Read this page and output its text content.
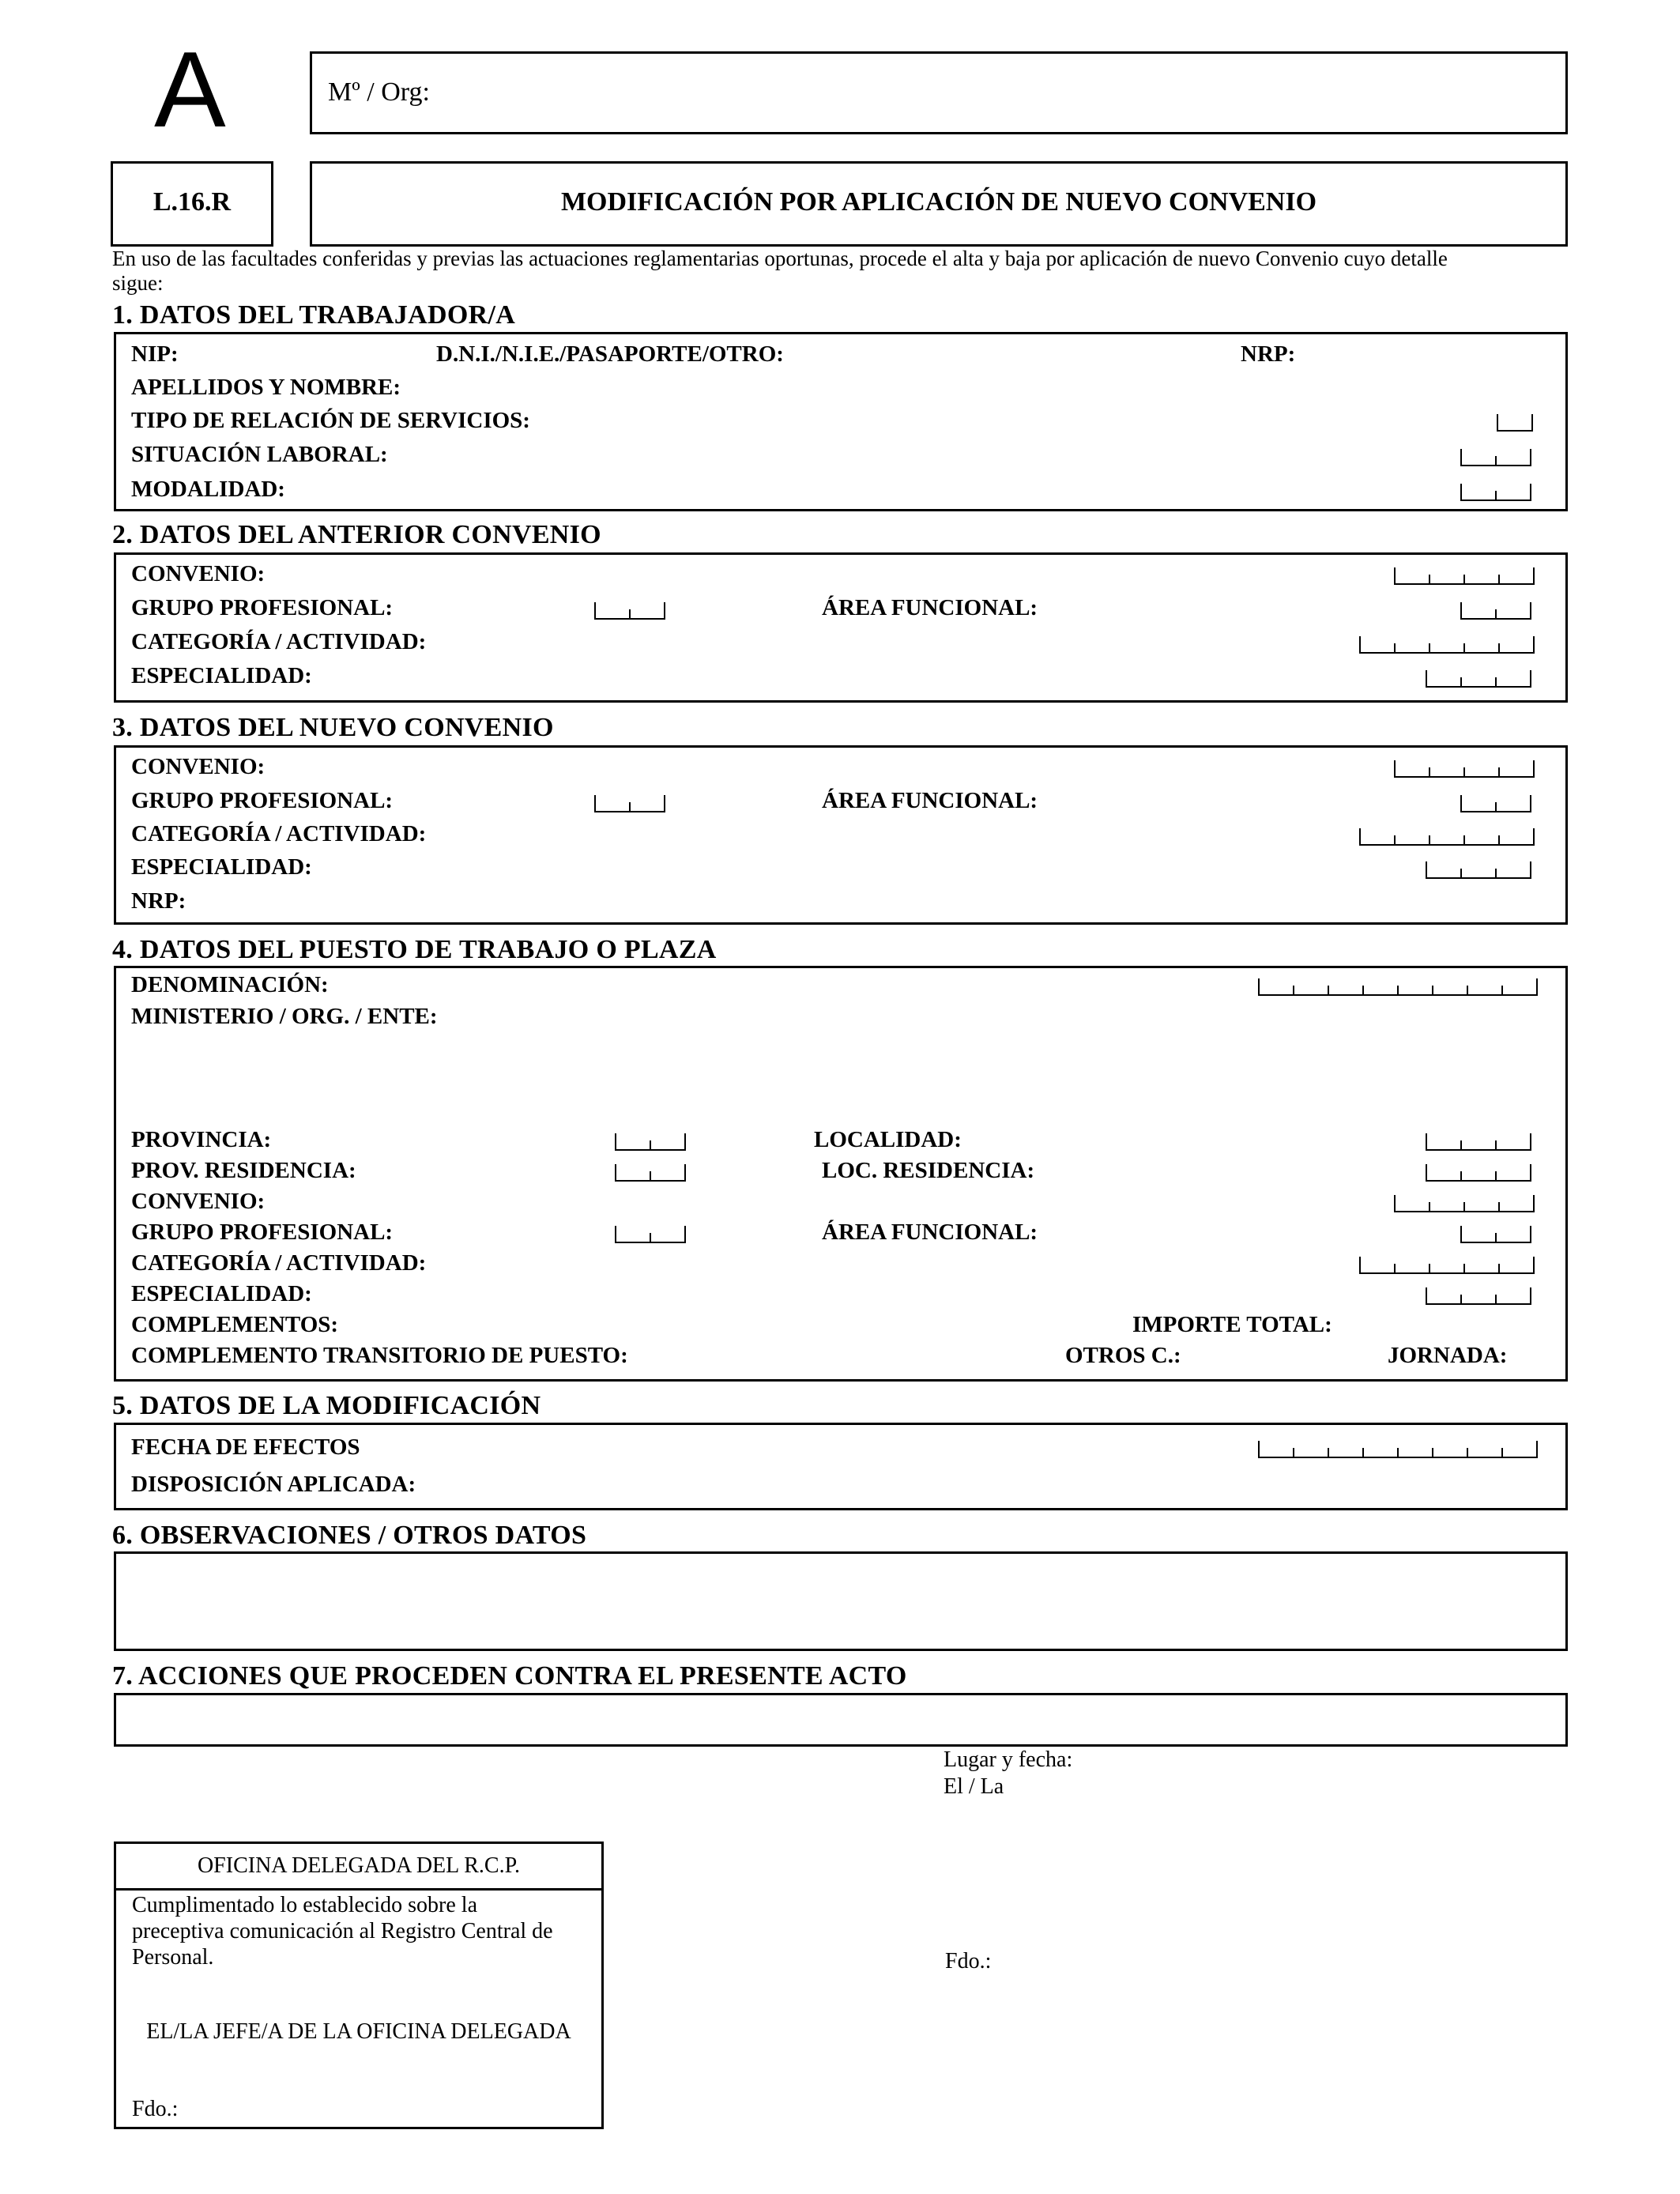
A	Mº / Org:
L.16.R	MODIFICACIÓN POR APLICACIÓN DE NUEVO CONVENIO
En uso de las facultades conferidas y previas las actuaciones reglamentarias oportunas, procede el alta y baja por aplicación de nuevo Convenio cuyo detalle sigue:
1. DATOS DEL TRABAJADOR/A
NIP:	D.N.I./N.I.E./PASAPORTE/OTRO:	NRP:
APELLIDOS Y NOMBRE:
TIPO DE RELACIÓN DE SERVICIOS:
SITUACIÓN LABORAL:
MODALIDAD:
2. DATOS DEL ANTERIOR CONVENIO
CONVENIO:
GRUPO PROFESIONAL:	ÁREA FUNCIONAL:
CATEGORÍA / ACTIVIDAD:
ESPECIALIDAD:
3. DATOS DEL NUEVO CONVENIO
CONVENIO:
GRUPO PROFESIONAL:	ÁREA FUNCIONAL:
CATEGORÍA / ACTIVIDAD:
ESPECIALIDAD:
NRP:
4. DATOS DEL PUESTO DE TRABAJO O PLAZA
DENOMINACIÓN:
MINISTERIO / ORG. / ENTE:
PROVINCIA:	LOCALIDAD:
PROV. RESIDENCIA:	LOC. RESIDENCIA:
CONVENIO:
GRUPO PROFESIONAL:	ÁREA FUNCIONAL:
CATEGORÍA / ACTIVIDAD:
ESPECIALIDAD:
COMPLEMENTOS:	IMPORTE TOTAL:
COMPLEMENTO TRANSITORIO DE PUESTO:	OTROS C.:	JORNADA:
5. DATOS DE LA MODIFICACIÓN
FECHA DE EFECTOS
DISPOSICIÓN APLICADA:
6. OBSERVACIONES / OTROS DATOS
7. ACCIONES QUE PROCEDEN CONTRA EL PRESENTE ACTO
Lugar y fecha:
El / La
Fdo.:
OFICINA DELEGADA DEL R.C.P.
Cumplimentado lo establecido sobre la
preceptiva comunicación al Registro Central de
Personal.
EL/LA JEFE/A DE LA OFICINA DELEGADA
Fdo.:
